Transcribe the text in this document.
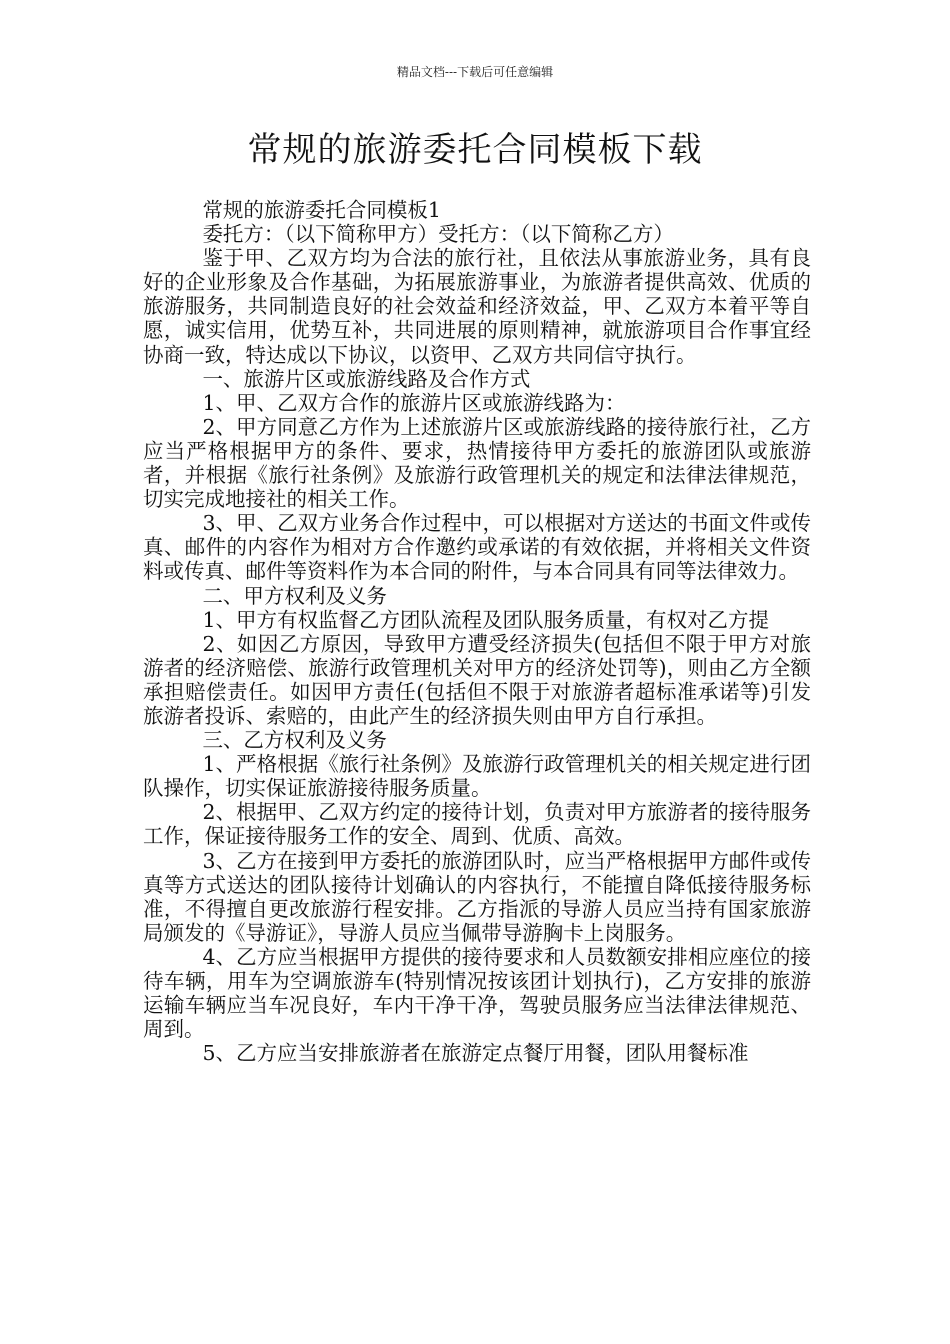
精品文档---下载后可任意编辑
常规的旅游委托合同模板下载

常规的旅游委托合同模板1

委托方：（以下简称甲方）受托方：（以下简称乙方）

鉴于甲、乙双方均为合法的旅行社，且依法从事旅游业务，具有良好的企业形象及合作基础，为拓展旅游事业，为旅游者提供高效、优质的旅游服务，共同制造良好的社会效益和经济效益，甲、乙双方本着平等自愿，诚实信用，优势互补，共同进展的原则精神，就旅游项目合作事宜经协商一致，特达成以下协议，以资甲、乙双方共同信守执行。

一、旅游片区或旅游线路及合作方式

1、甲、乙双方合作的旅游片区或旅游线路为：

2、甲方同意乙方作为上述旅游片区或旅游线路的接待旅行社，乙方应当严格根据甲方的条件、要求，热情接待甲方委托的旅游团队或旅游者，并根据《旅行社条例》及旅游行政管理机关的规定和法律法律规范，切实完成地接社的相关工作。

3、甲、乙双方业务合作过程中，可以根据对方送达的书面文件或传真、邮件的内容作为相对方合作邀约或承诺的有效依据，并将相关文件资料或传真、邮件等资料作为本合同的附件，与本合同具有同等法律效力。

二、甲方权利及义务

1、甲方有权监督乙方团队流程及团队服务质量，有权对乙方提

2、如因乙方原因，导致甲方遭受经济损失(包括但不限于甲方对旅游者的经济赔偿、旅游行政管理机关对甲方的经济处罚等)，则由乙方全额承担赔偿责任。如因甲方责任(包括但不限于对旅游者超标准承诺等)引发旅游者投诉、索赔的，由此产生的经济损失则由甲方自行承担。

三、乙方权利及义务

1、严格根据《旅行社条例》及旅游行政管理机关的相关规定进行团队操作，切实保证旅游接待服务质量。

2、根据甲、乙双方约定的接待计划，负责对甲方旅游者的接待服务工作，保证接待服务工作的安全、周到、优质、高效。

3、乙方在接到甲方委托的旅游团队时，应当严格根据甲方邮件或传真等方式送达的团队接待计划确认的内容执行，不能擅自降低接待服务标准，不得擅自更改旅游行程安排。乙方指派的导游人员应当持有国家旅游局颁发的《导游证》，导游人员应当佩带导游胸卡上岗服务。

4、乙方应当根据甲方提供的接待要求和人员数额安排相应座位的接待车辆，用车为空调旅游车(特别情况按该团计划执行)，乙方安排的旅游运输车辆应当车况良好，车内干净干净，驾驶员服务应当法律法律规范、周到。

5、乙方应当安排旅游者在旅游定点餐厅用餐，团队用餐标准
